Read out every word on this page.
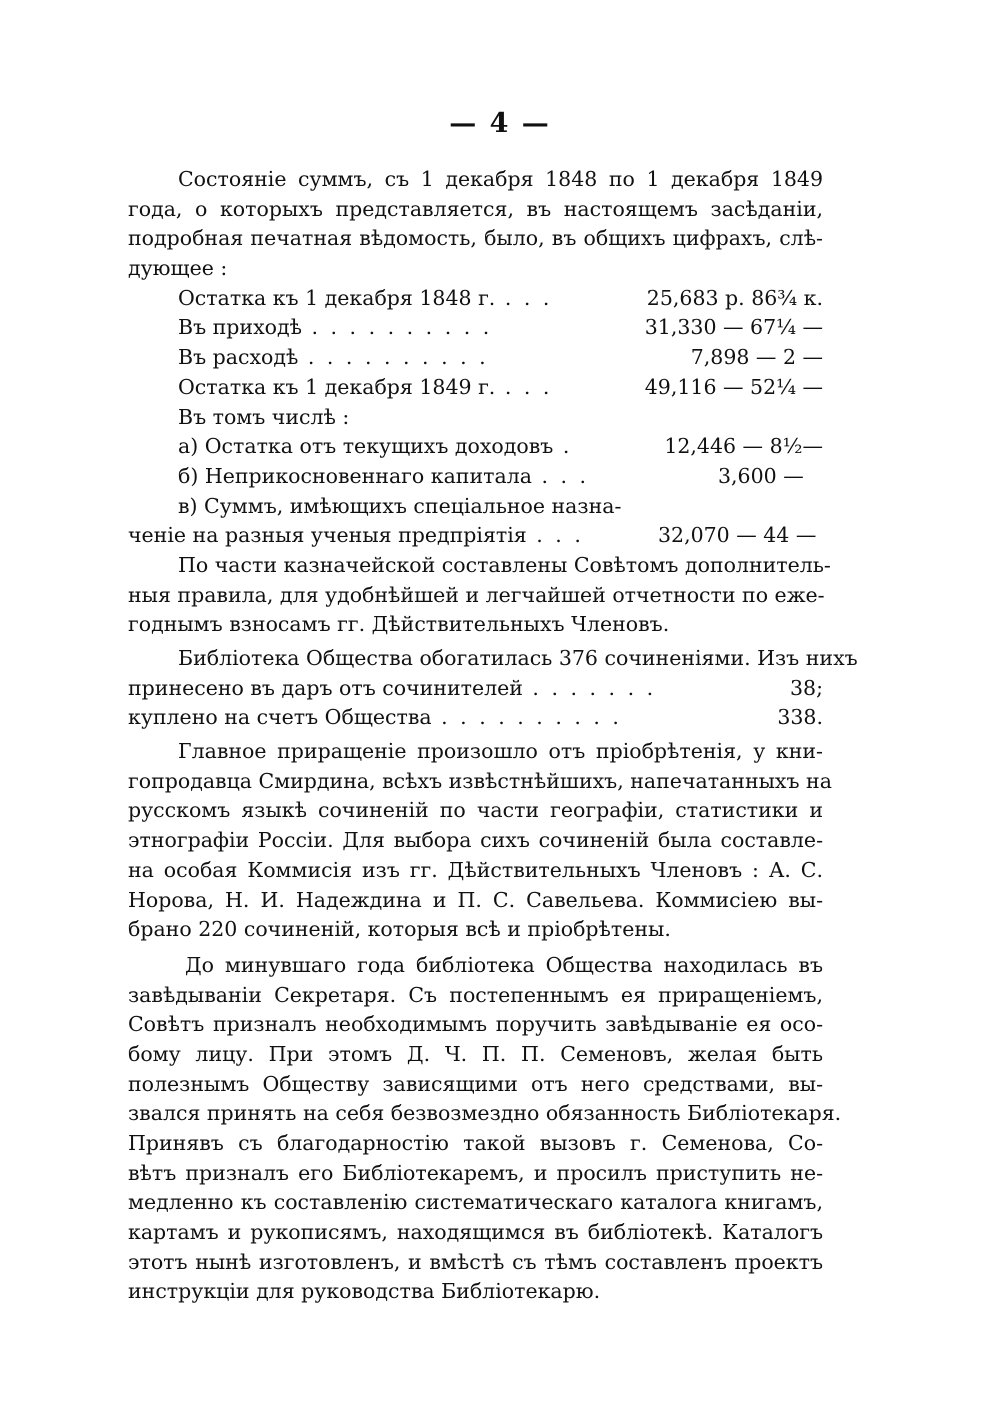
— 4 —
Состоянiе суммъ, съ 1 декабря 1848 по 1 декабря 1849
года, о которыхъ представляется, въ настоящемъ засѣданiи,
подробная печатная вѣдомость, было, въ общихъ цифрахъ, слѣ-
дующее :
Остатка къ 1 декабря 1848 г. . . .	25,683 р. 86¾ к.
Въ приходѣ . . . . . . . . . .	31,330 — 67¼ —
Въ расходѣ . . . . . . . . . .	7,898 — 2 —
Остатка къ 1 декабря 1849 г. . . .	49,116 — 52¼ —
Въ томъ числѣ :
а) Остатка отъ текущихъ доходовъ .	12,446 — 8½—
б) Неприкосновеннаго капитала . . .	3,600 —
в) Суммъ, имѣющихъ спецiальное назна-
ченiе на разныя ученыя предпрiятiя . . .	32,070 — 44 —
По части казначейской составлены Совѣтомъ дополнитель-
ныя правила, для удобнѣйшей и легчайшей отчетности по еже-
годнымъ взносамъ гг. Дѣйствительныхъ Членовъ.
Библiотека Общества обогатилась 376 сочиненiями. Изъ нихъ
принесено въ даръ отъ сочинителей . . . . . . .	38;
куплено на счетъ Общества . . . . . . . . . .	338.
Главное приращенiе произошло отъ прiобрѣтенiя, у кни-
гопродавца Смирдина, всѣхъ извѣстнѣйшихъ, напечатанныхъ на
русскомъ языкѣ сочиненiй по части географiи, статистики и
этнографiи Россiи. Для выбора сихъ сочиненiй была составле-
на особая Коммисiя изъ гг. Дѣйствительныхъ Членовъ : А. С.
Норова, Н. И. Надеждина и П. С. Савельева. Коммисiею вы-
брано 220 сочиненiй, которыя всѣ и прiобрѣтены.
До минувшаго года библiотека Общества находилась въ
завѣдываніи Секретаря. Съ постепеннымъ ея приращенiемъ,
Совѣтъ призналъ необходимымъ поручить завѣдыванiе ея осо-
бому лицу. При этомъ Д. Ч. П. П. Семеновъ, желая быть
полезнымъ Обществу зависящими отъ него средствами, вы-
звался принять на себя безвозмездно обязанность Библiотекаря.
Принявъ съ благодарностiю такой вызовъ г. Семенова, Со-
вѣтъ призналъ его Библiотекаремъ, и просилъ приступить не-
медленно къ составленiю систематическаго каталога книгамъ,
картамъ и рукописямъ, находящимся въ библiотекѣ. Каталогъ
этотъ нынѣ изготовленъ, и вмѣстѣ съ тѣмъ составленъ проектъ
инструкцiи для руководства Библiотекарю.
